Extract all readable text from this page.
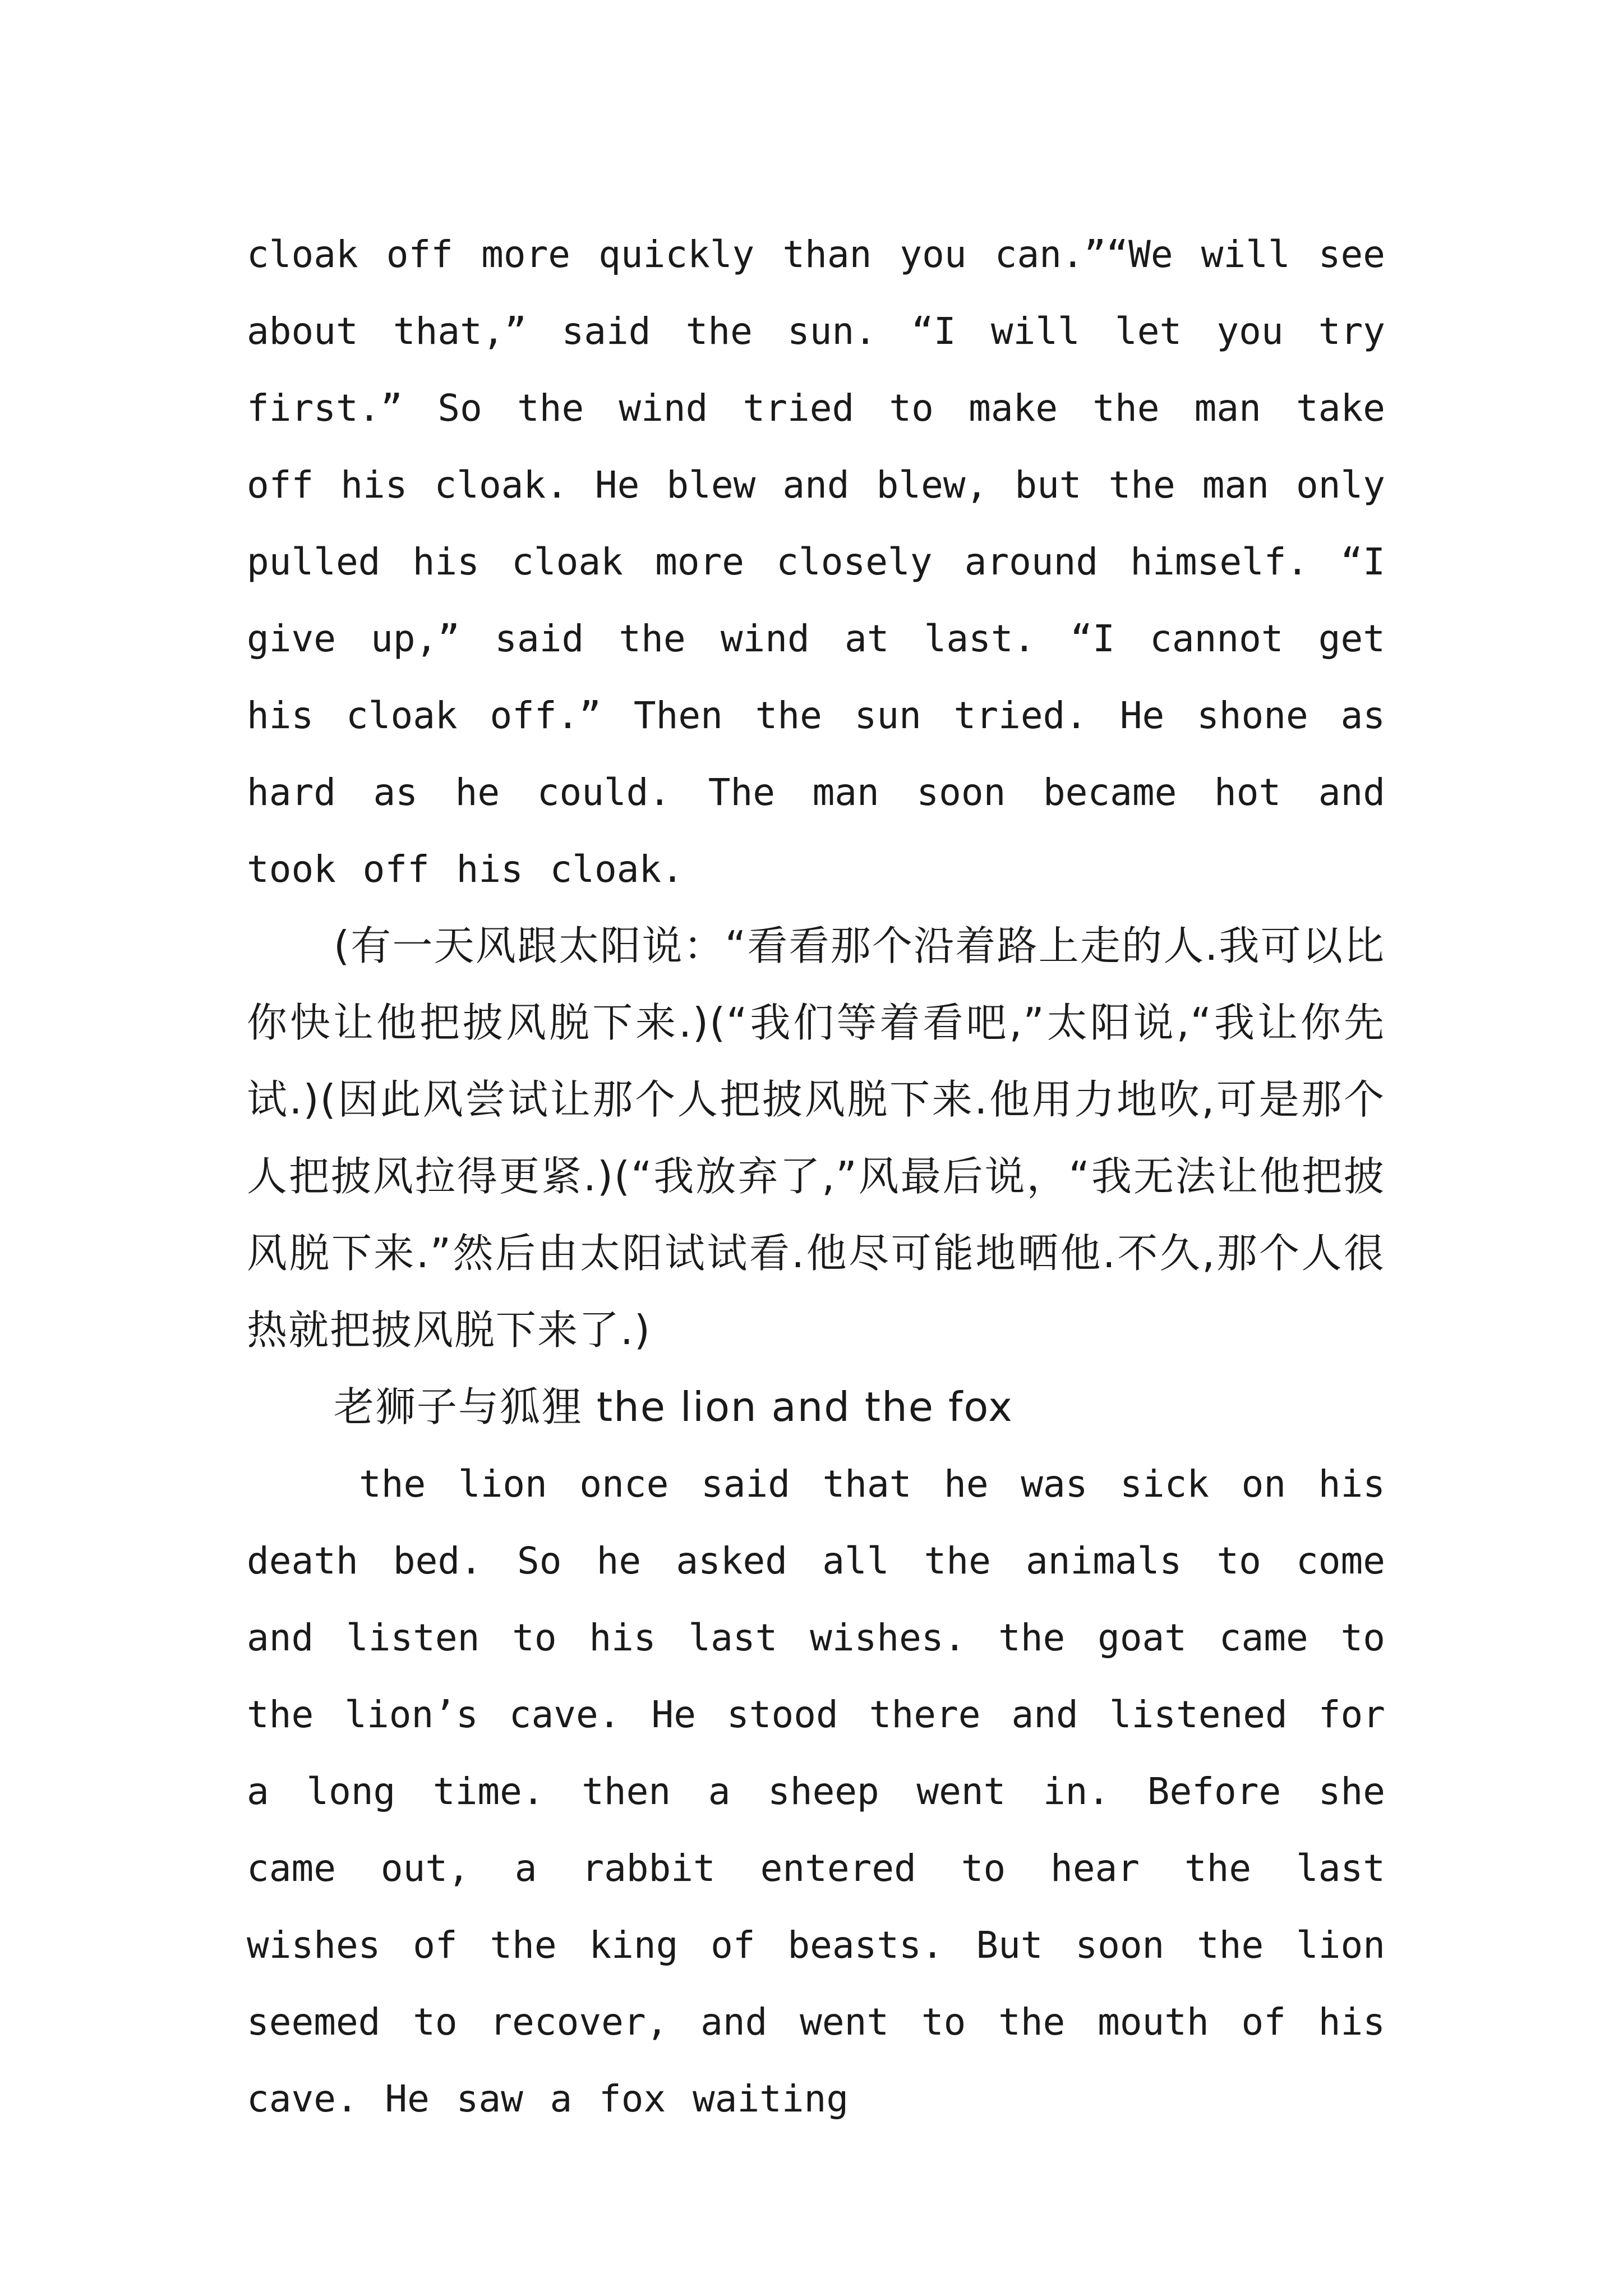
cloak off more quickly than you can.”“We will see about that,” said the sun. “I will let you try first.” So the wind tried to make the man take off his cloak. He blew and blew, but the man only pulled his cloak more closely around himself. “I give up,” said the wind at last. “I cannot get his cloak off.” Then the sun tried. He shone as hard as he could. The man soon became hot and took off his cloak.

(有一天风跟太阳说：“看看那个沿着路上走的人.我可以比你快让他把披风脱下来.)(“我们等着看吧,”太阳说,“我让你先试.)(因此风尝试让那个人把披风脱下来.他用力地吹,可是那个人把披风拉得更紧.)(“我放弃了,”风最后说，“我无法让他把披风脱下来.”然后由太阳试试看.他尽可能地晒他.不久,那个人很热就把披风脱下来了.)

老狮子与狐狸 the lion and the fox

the lion once said that he was sick on his death bed. So he asked all the animals to come and listen to his last wishes. the goat came to the lion’s cave. He stood there and listened for a long time. then a sheep went in. Before she came out, a rabbit entered to hear the last wishes of the king of beasts. But soon the lion seemed to recover, and went to the mouth of his cave. He saw a fox waiting
